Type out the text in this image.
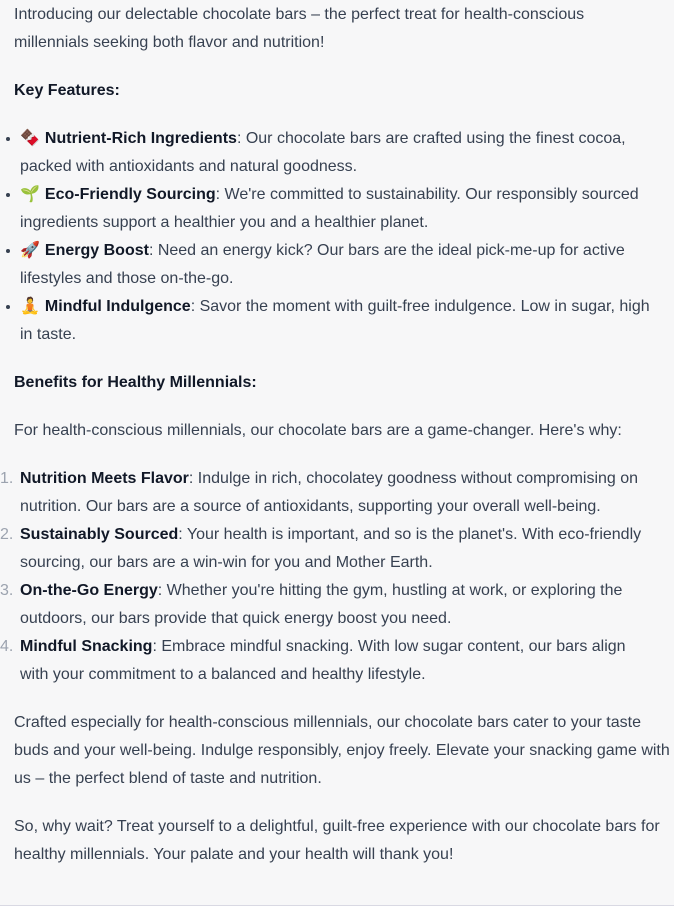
Introducing our delectable chocolate bars – the perfect treat for health-conscious millennials seeking both flavor and nutrition!

Key Features:

🍫 Nutrient-Rich Ingredients: Our chocolate bars are crafted using the finest cocoa, packed with antioxidants and natural goodness.
🌱 Eco-Friendly Sourcing: We're committed to sustainability. Our responsibly sourced ingredients support a healthier you and a healthier planet.
🚀 Energy Boost: Need an energy kick? Our bars are the ideal pick-me-up for active lifestyles and those on-the-go.
🧘 Mindful Indulgence: Savor the moment with guilt-free indulgence. Low in sugar, high in taste.

Benefits for Healthy Millennials:

For health-conscious millennials, our chocolate bars are a game-changer. Here's why:

1. Nutrition Meets Flavor: Indulge in rich, chocolatey goodness without compromising on nutrition. Our bars are a source of antioxidants, supporting your overall well-being.
2. Sustainably Sourced: Your health is important, and so is the planet's. With eco-friendly sourcing, our bars are a win-win for you and Mother Earth.
3. On-the-Go Energy: Whether you're hitting the gym, hustling at work, or exploring the outdoors, our bars provide that quick energy boost you need.
4. Mindful Snacking: Embrace mindful snacking. With low sugar content, our bars align with your commitment to a balanced and healthy lifestyle.

Crafted especially for health-conscious millennials, our chocolate bars cater to your taste buds and your well-being. Indulge responsibly, enjoy freely. Elevate your snacking game with us – the perfect blend of taste and nutrition.

So, why wait? Treat yourself to a delightful, guilt-free experience with our chocolate bars for healthy millennials. Your palate and your health will thank you!
